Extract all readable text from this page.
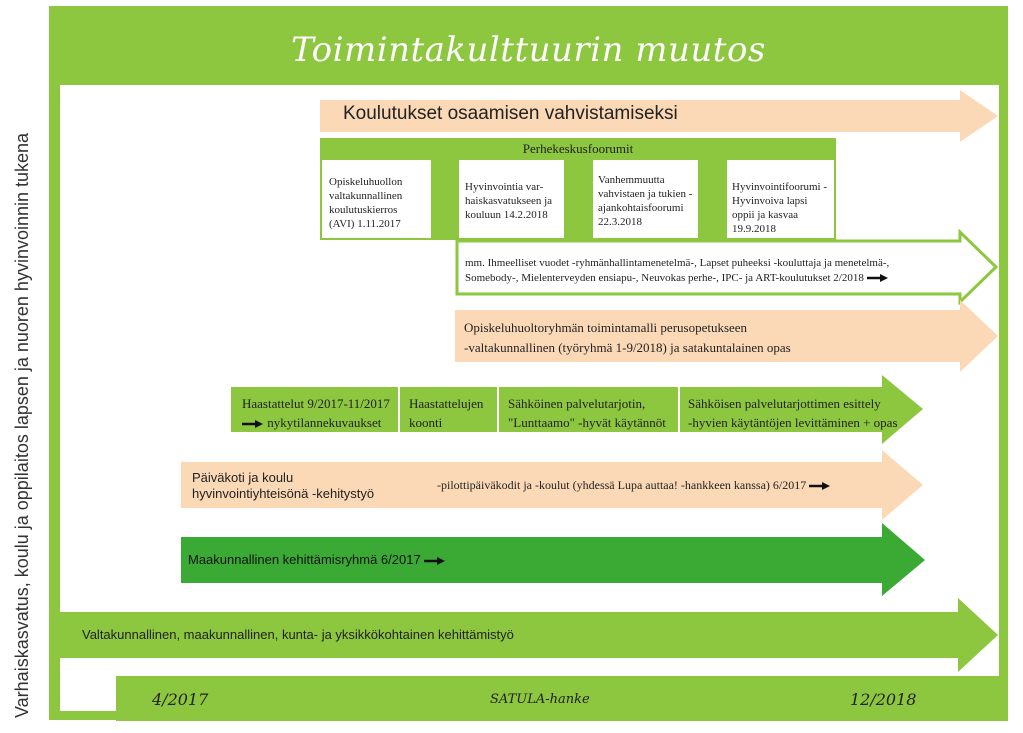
Toimintakulttuurin muutos
Varhaiskasvatus, koulu ja oppilaitos lapsen ja nuoren hyvinvoinnin tukena
Koulutukset osaamisen vahvistamiseksi
Perhekeskusfoorumit
Opiskeluhuollon valtakunnallinen koulutuskierros (AVI) 1.11.2017
Hyvinvointia var-haiskasvatukseen ja kouluun 14.2.2018
Vanhemmuutta vahvistaen ja tukien - ajankohtaisfoorumi 22.3.2018
Hyvinvointifoorumi - Hyvinvoiva lapsi oppii ja kasvaa 19.9.2018
mm. Ihmeelliset vuodet -ryhmänhallintamenetelmä-, Lapset puheeksi -kouluttaja ja menetelmä-,
Somebody-, Mielenterveyden ensiapu-, Neuvokas perhe-, IPC- ja ART-koulutukset 2/2018
Opiskeluhuoltoryhmän toimintamalli perusopetukseen
-valtakunnallinen (työryhmä 1-9/2018) ja satakuntalainen opas
Haastattelut 9/2017-11/2017
nykytilannekuvaukset
Haastattelujen
koonti
Sähköinen palvelutarjotin,
"Lunttaamo" -hyvät käytännöt
Sähköisen palvelutarjottimen esittely
-hyvien käytäntöjen levittäminen + opas
Päiväkoti ja koulu
hyvinvointiyhteisönä -kehitystyö
-pilottipäiväkodit ja -koulut (yhdessä Lupa auttaa! -hankkeen kanssa) 6/2017
Maakunnallinen kehittämisryhmä 6/2017
Valtakunnallinen, maakunnallinen, kunta- ja yksikkökohtainen kehittämistyö
4/2017	SATULA-hanke	12/2018
